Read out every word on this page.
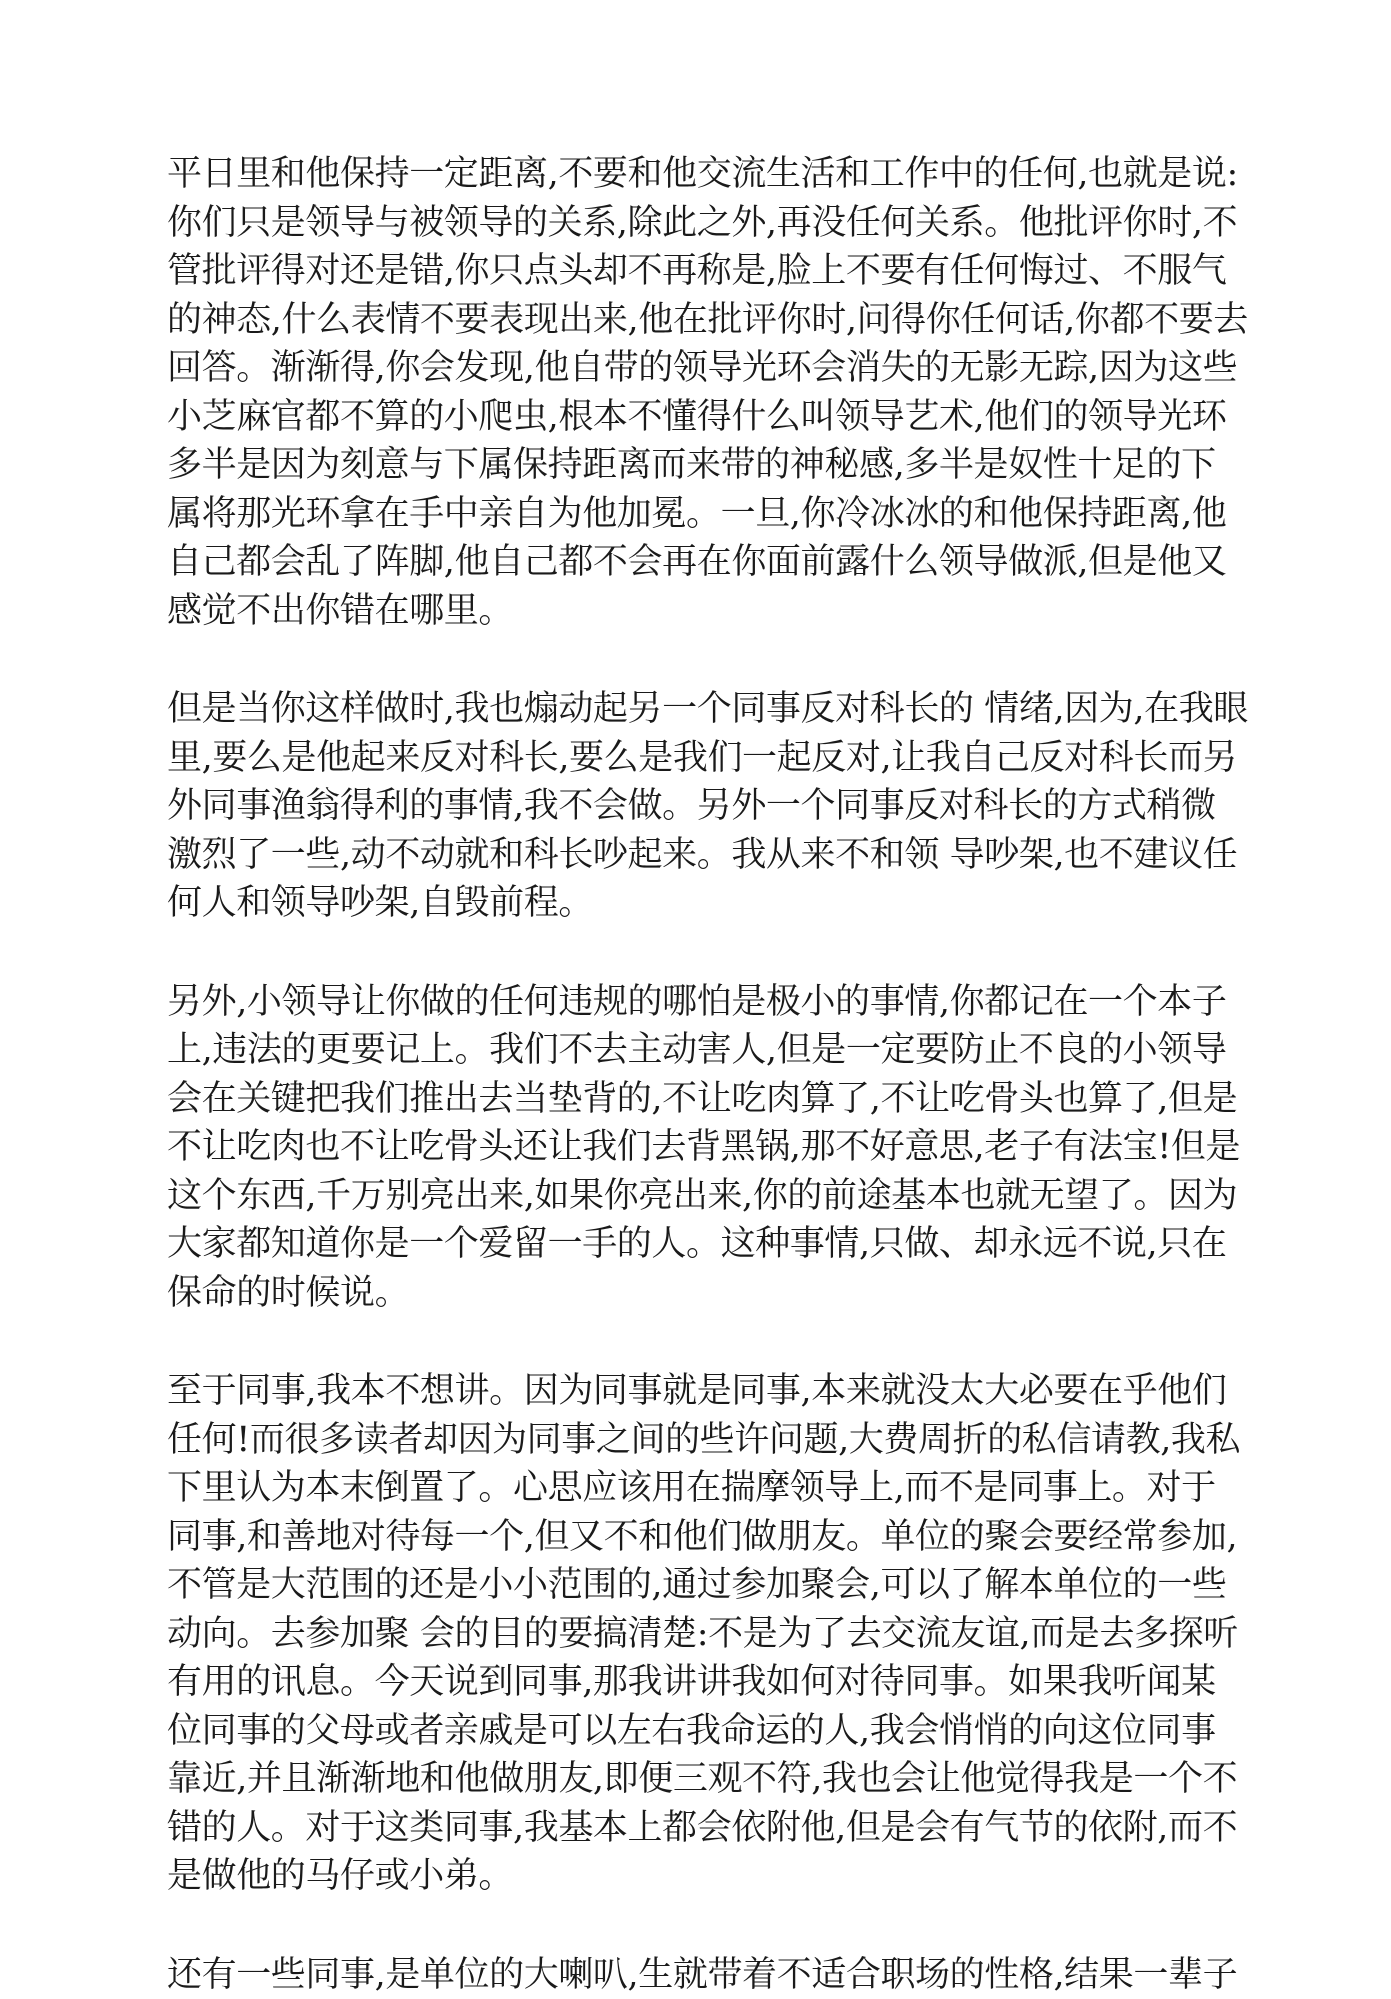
平日里和他保持一定距离,不要和他交流生活和工作中的任何,也就是说:
你们只是领导与被领导的关系,除此之外,再没任何关系。他批评你时,不
管批评得对还是错,你只点头却不再称是,脸上不要有任何悔过、不服气
的神态,什么表情不要表现出来,他在批评你时,问得你任何话,你都不要去
回答。渐渐得,你会发现,他自带的领导光环会消失的无影无踪,因为这些
小芝麻官都不算的小爬虫,根本不懂得什么叫领导艺术,他们的领导光环
多半是因为刻意与下属保持距离而来带的神秘感,多半是奴性十足的下
属将那光环拿在手中亲自为他加冕。一旦,你冷冰冰的和他保持距离,他
自己都会乱了阵脚,他自己都不会再在你面前露什么领导做派,但是他又
感觉不出你错在哪里。
但是当你这样做时,我也煽动起另一个同事反对科长的 情绪,因为,在我眼
里,要么是他起来反对科长,要么是我们一起反对,让我自己反对科长而另
外同事渔翁得利的事情,我不会做。另外一个同事反对科长的方式稍微
激烈了一些,动不动就和科长吵起来。我从来不和领 导吵架,也不建议任
何人和领导吵架,自毁前程。
另外,小领导让你做的任何违规的哪怕是极小的事情,你都记在一个本子
上,违法的更要记上。我们不去主动害人,但是一定要防止不良的小领导
会在关键把我们推出去当垫背的,不让吃肉算了,不让吃骨头也算了,但是
不让吃肉也不让吃骨头还让我们去背黑锅,那不好意思,老子有法宝!但是
这个东西,千万别亮出来,如果你亮出来,你的前途基本也就无望了。因为
大家都知道你是一个爱留一手的人。这种事情,只做、却永远不说,只在
保命的时候说。
至于同事,我本不想讲。因为同事就是同事,本来就没太大必要在乎他们
任何!而很多读者却因为同事之间的些许问题,大费周折的私信请教,我私
下里认为本末倒置了。心思应该用在揣摩领导上,而不是同事上。对于
同事,和善地对待每一个,但又不和他们做朋友。单位的聚会要经常参加,
不管是大范围的还是小小范围的,通过参加聚会,可以了解本单位的一些
动向。去参加聚 会的目的要搞清楚:不是为了去交流友谊,而是去多探听
有用的讯息。今天说到同事,那我讲讲我如何对待同事。如果我听闻某
位同事的父母或者亲戚是可以左右我命运的人,我会悄悄的向这位同事
靠近,并且渐渐地和他做朋友,即便三观不符,我也会让他觉得我是一个不
错的人。对于这类同事,我基本上都会依附他,但是会有气节的依附,而不
是做他的马仔或小弟。
还有一些同事,是单位的大喇叭,生就带着不适合职场的性格,结果一辈子
